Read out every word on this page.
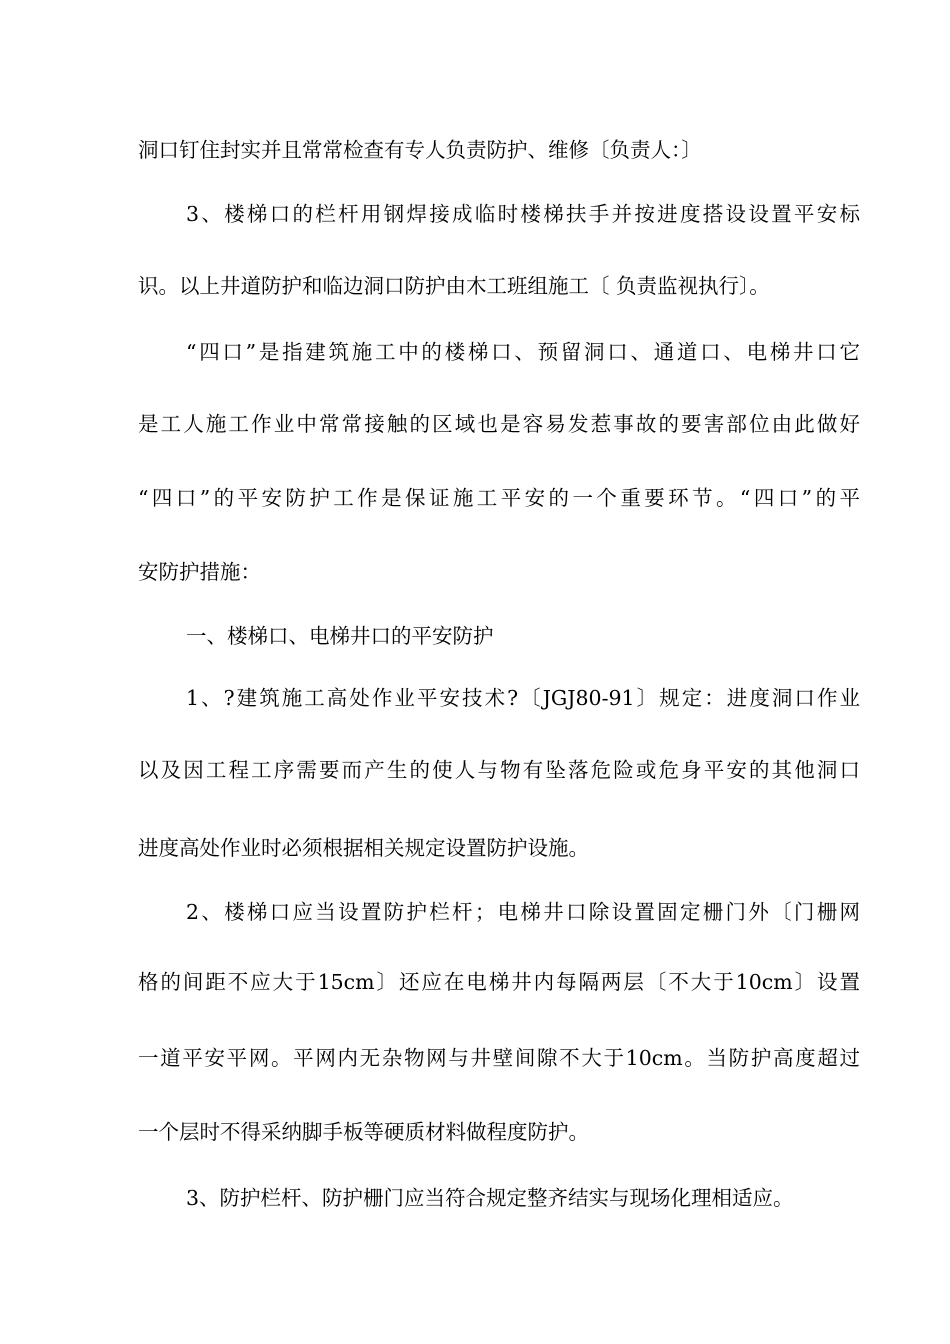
洞口钉住封实并且常常检查有专人负责防护、维修〔负责人：〕
3、楼梯口的栏杆用钢焊接成临时楼梯扶手并按进度搭设设置平安标
识。以上井道防护和临边洞口防护由木工班组施工〔 负责监视执行〕。
“四口”是指建筑施工中的楼梯口、预留洞口、通道口、电梯井口它
是工人施工作业中常常接触的区域也是容易发惹事故的要害部位由此做好
“四口”的平安防护工作是保证施工平安的一个重要环节。“四口”的平
安防护措施：
一、楼梯口、电梯井口的平安防护
1、?建筑施工高处作业平安技术?〔JGJ80-91〕规定：进度洞口作业
以及因工程工序需要而产生的使人与物有坠落危险或危身平安的其他洞口
进度高处作业时必须根据相关规定设置防护设施。
2、楼梯口应当设置防护栏杆；电梯井口除设置固定栅门外〔门栅网
格的间距不应大于15cm〕还应在电梯井内每隔两层〔不大于10cm〕设置
一道平安平网。平网内无杂物网与井壁间隙不大于10cm。当防护高度超过
一个层时不得采纳脚手板等硬质材料做程度防护。
3、防护栏杆、防护栅门应当符合规定整齐结实与现场化理相适应。
